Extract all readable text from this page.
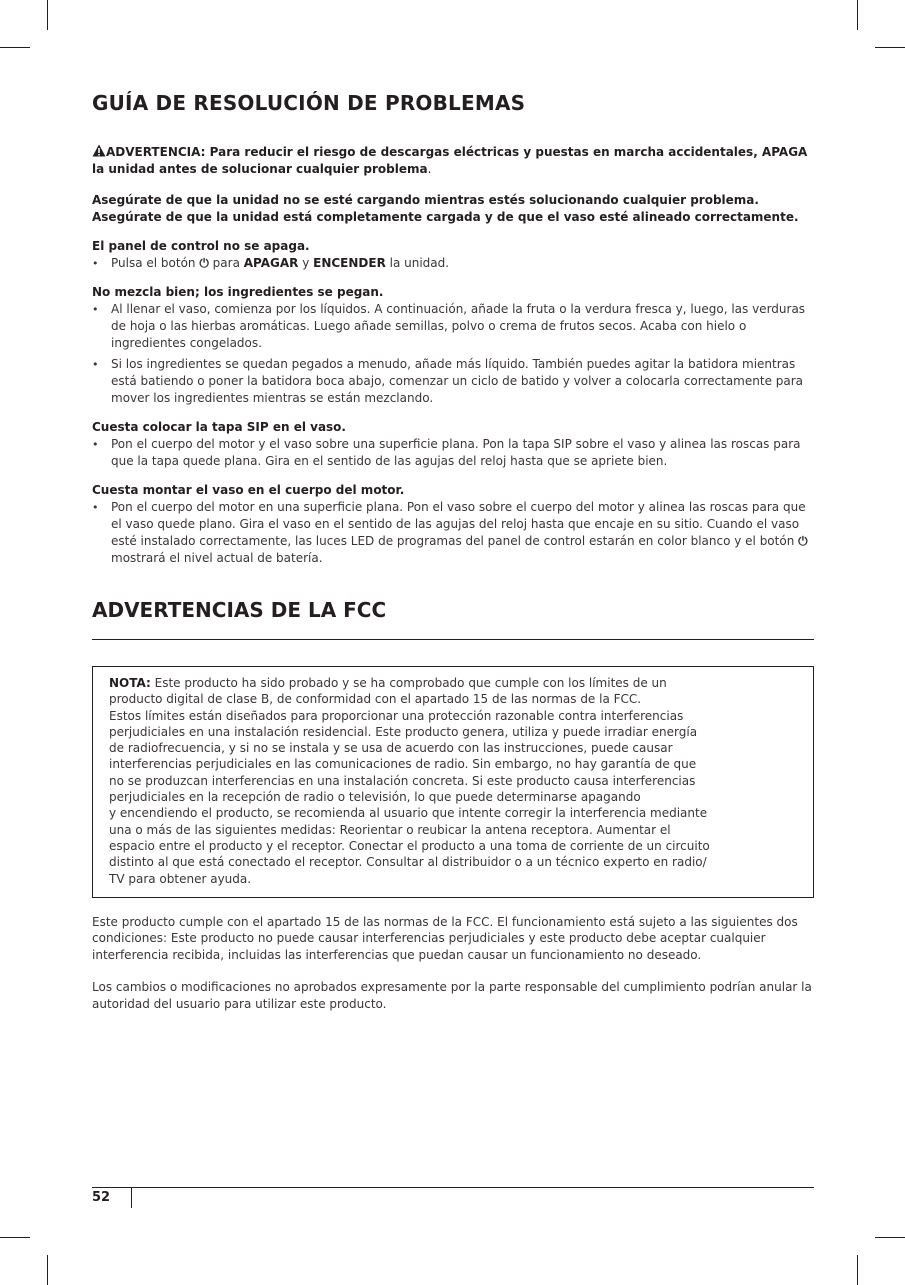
GUÍA DE RESOLUCIÓN DE PROBLEMAS
ADVERTENCIA: Para reducir el riesgo de descargas eléctricas y puestas en marcha accidentales, APAGA la unidad antes de solucionar cualquier problema.
Asegúrate de que la unidad no se esté cargando mientras estés solucionando cualquier problema. Asegúrate de que la unidad está completamente cargada y de que el vaso esté alineado correctamente.
El panel de control no se apaga.
• Pulsa el botón ⏻ para APAGAR y ENCENDER la unidad.
No mezcla bien; los ingredientes se pegan.
• Al llenar el vaso, comienza por los líquidos. A continuación, añade la fruta o la verdura fresca y, luego, las verduras de hoja o las hierbas aromáticas. Luego añade semillas, polvo o crema de frutos secos. Acaba con hielo o ingredientes congelados.
• Si los ingredientes se quedan pegados a menudo, añade más líquido. También puedes agitar la batidora mientras está batiendo o poner la batidora boca abajo, comenzar un ciclo de batido y volver a colocarla correctamente para mover los ingredientes mientras se están mezclando.
Cuesta colocar la tapa SIP en el vaso.
• Pon el cuerpo del motor y el vaso sobre una superficie plana. Pon la tapa SIP sobre el vaso y alinea las roscas para que la tapa quede plana. Gira en el sentido de las agujas del reloj hasta que se apriete bien.
Cuesta montar el vaso en el cuerpo del motor.
• Pon el cuerpo del motor en una superficie plana. Pon el vaso sobre el cuerpo del motor y alinea las roscas para que el vaso quede plano. Gira el vaso en el sentido de las agujas del reloj hasta que encaje en su sitio. Cuando el vaso esté instalado correctamente, las luces LED de programas del panel de control estarán en color blanco y el botón ⏻ mostrará el nivel actual de batería.
ADVERTENCIAS DE LA FCC
NOTA: Este producto ha sido probado y se ha comprobado que cumple con los límites de un
producto digital de clase B, de conformidad con el apartado 15 de las normas de la FCC.
Estos límites están diseñados para proporcionar una protección razonable contra interferencias
perjudiciales en una instalación residencial. Este producto genera, utiliza y puede irradiar energía
de radiofrecuencia, y si no se instala y se usa de acuerdo con las instrucciones, puede causar
interferencias perjudiciales en las comunicaciones de radio. Sin embargo, no hay garantía de que
no se produzcan interferencias en una instalación concreta. Si este producto causa interferencias
perjudiciales en la recepción de radio o televisión, lo que puede determinarse apagando
y encendiendo el producto, se recomienda al usuario que intente corregir la interferencia mediante
una o más de las siguientes medidas: Reorientar o reubicar la antena receptora. Aumentar el
espacio entre el producto y el receptor. Conectar el producto a una toma de corriente de un circuito
distinto al que está conectado el receptor. Consultar al distribuidor o a un técnico experto en radio/
TV para obtener ayuda.
Este producto cumple con el apartado 15 de las normas de la FCC. El funcionamiento está sujeto a las siguientes dos condiciones: Este producto no puede causar interferencias perjudiciales y este producto debe aceptar cualquier interferencia recibida, incluidas las interferencias que puedan causar un funcionamiento no deseado.
Los cambios o modificaciones no aprobados expresamente por la parte responsable del cumplimiento podrían anular la autoridad del usuario para utilizar este producto.
52
